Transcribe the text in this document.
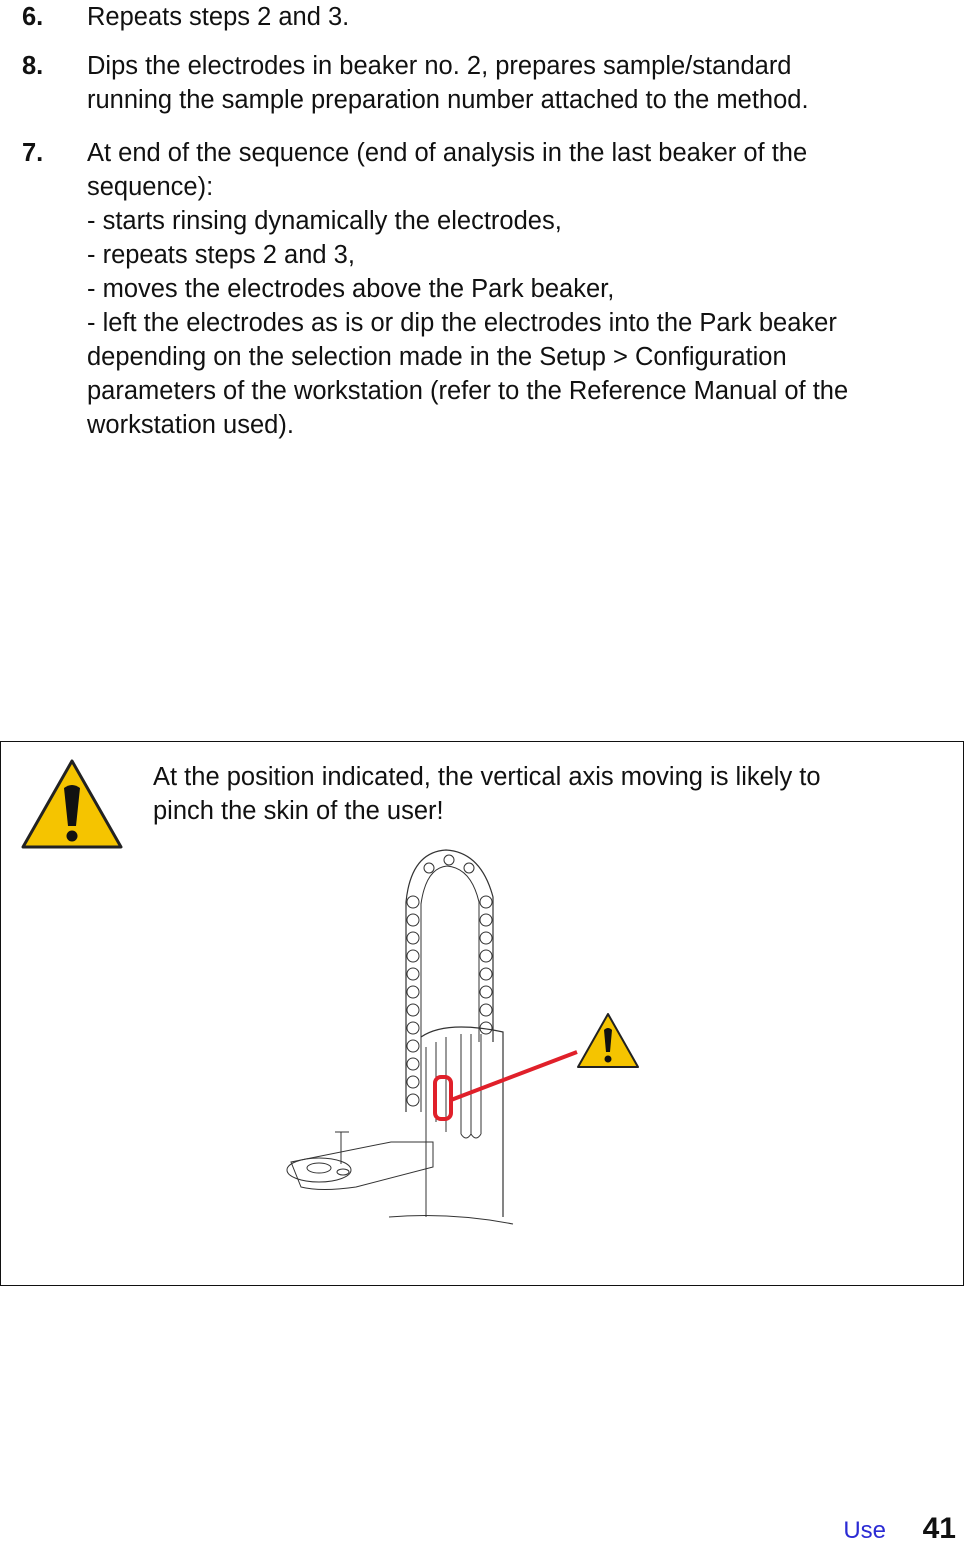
6. Repeats steps 2 and 3.
8. Dips the electrodes in beaker no. 2, prepares sample/standard
running the sample preparation number attached to the method.
7. At end of the sequence (end of analysis in the last beaker of the
sequence):
- starts rinsing dynamically the electrodes,
- repeats steps 2 and 3,
- moves the electrodes above the Park beaker,
- left the electrodes as is or dip the electrodes into the Park beaker
depending on the selection made in the Setup > Configuration
parameters of the workstation (refer to the Reference Manual of the
workstation used).
At the position indicated, the vertical axis moving is likely to
pinch the skin of the user!
Use 41
